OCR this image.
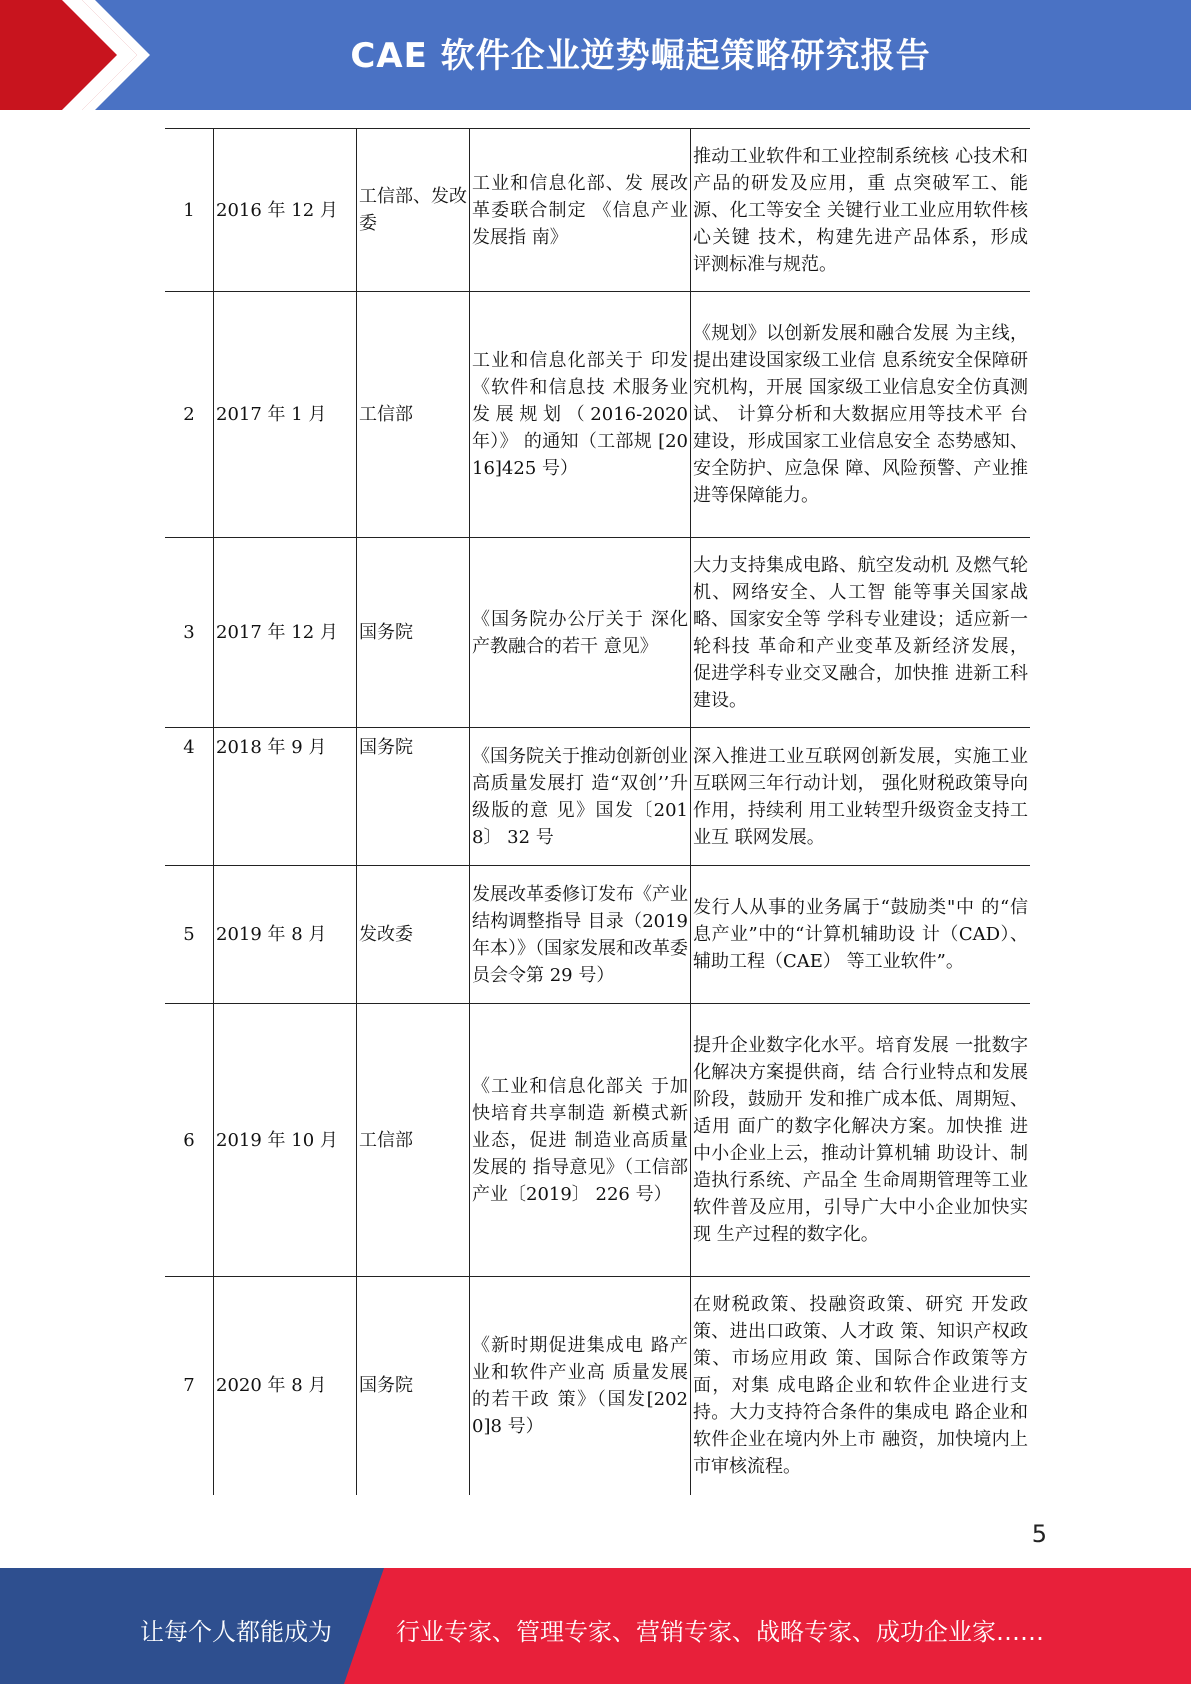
CAE 软件企业逆势崛起策略研究报告
1	2016 年 12 月	工信部、发改委	工业和信息化部、发 展改革委联合制定 《信息产业发展指 南》	推动工业软件和工业控制系统核 心技术和产品的研发及应用，重 点突破军工、能源、化工等安全 关键行业工业应用软件核心关键 技术，构建先进产品体系，形成 评测标准与规范。
2	2017 年 1 月	工信部	工业和信息化部关于 印发《软件和信息技 术服务业发展规划（2016-2020 年）》 的通知（工部规 [2016]425 号）	《规划》以创新发展和融合发展 为主线，提出建设国家级工业信 息系统安全保障研究机构，开展 国家级工业信息安全仿真测试、 计算分析和大数据应用等技术平 台建设，形成国家工业信息安全 态势感知、安全防护、应急保 障、风险预警、产业推进等保障能力。
3	2017 年 12 月	国务院	《国务院办公厅关于 深化产教融合的若干 意见》	大力支持集成电路、航空发动机 及燃气轮机、网络安全、人工智 能等事关国家战略、国家安全等 学科专业建设；适应新一轮科技 革命和产业变革及新经济发展， 促进学科专业交叉融合，加快推 进新工科建设。
4	2018 年 9 月	国务院	《国务院关于推动创新创业高质量发展打 造“双创’’升级版的意 见》国发〔2018〕 32 号	深入推进工业互联网创新发展，实施工业互联网三年行动计划， 强化财税政策导向作用，持续利 用工业转型升级资金支持工业互 联网发展。
5	2019 年 8 月	发改委	发展改革委修订发布《产业结构调整指导 目录（2019 年本）》（国家发展和改革委 员会令第 29 号）	发行人从事的业务属于“鼓励类"中 的“信息产业”中的“计算机辅助设 计（CAD）、辅助工程（CAE） 等工业软件”。
6	2019 年 10 月	工信部	《工业和信息化部关 于加快培育共享制造 新模式新业态，促进 制造业高质量发展的 指导意见》（工信部 产业〔2019〕 226 号）	提升企业数字化水平。培育发展 一批数字化解决方案提供商，结 合行业特点和发展阶段，鼓励开 发和推广成本低、周期短、适用 面广的数字化解决方案。加快推 进中小企业上云，推动计算机辅 助设计、制造执行系统、产品全 生命周期管理等工业软件普及应用，引导广大中小企业加快实现 生产过程的数字化。
7	2020 年 8 月	国务院	《新时期促进集成电 路产业和软件产业高 质量发展的若干政 策》（国发[2020]8 号）	在财税政策、投融资政策、研究 开发政策、进出口政策、人才政 策、知识产权政策、市场应用政 策、国际合作政策等方面，对集 成电路企业和软件企业进行支 持。大力支持符合条件的集成电 路企业和软件企业在境内外上市 融资，加快境内上市审核流程。
5
让每个人都能成为	行业专家、管理专家、营销专家、战略专家、成功企业家……
